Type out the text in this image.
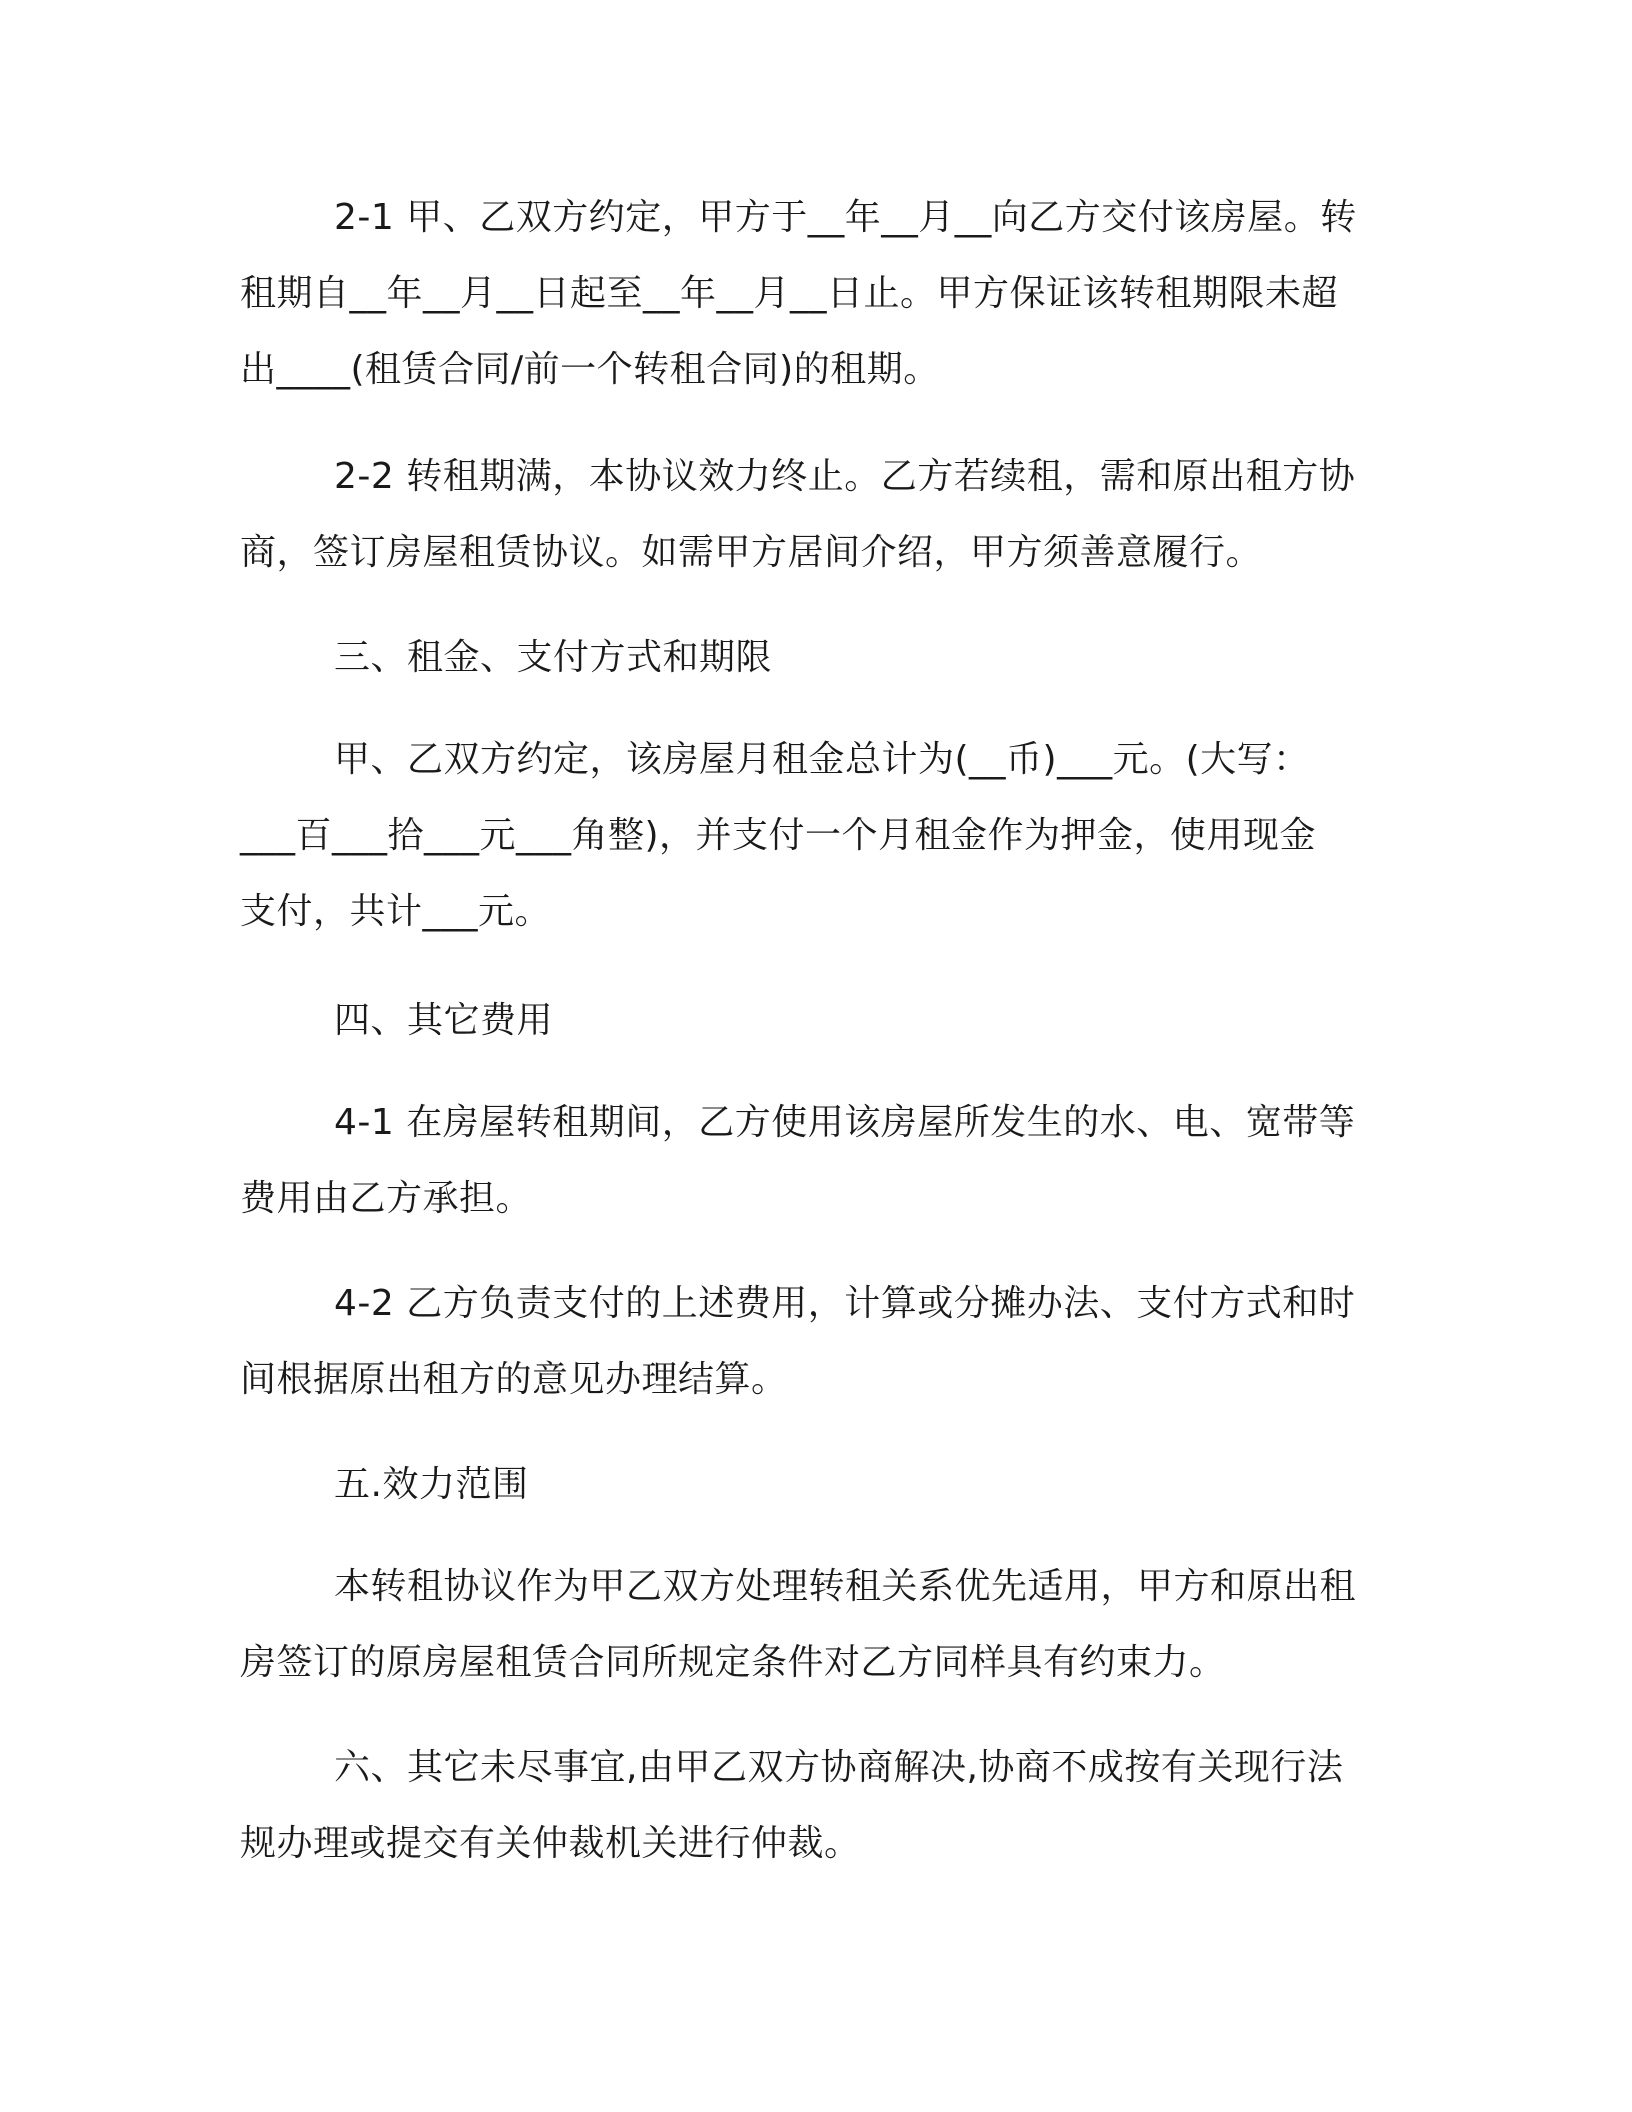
2-1 甲、乙双方约定，甲方于__年__月__向乙方交付该房屋。转
租期自__年__月__日起至__年__月__日止。甲方保证该转租期限未超
出____(租赁合同/前一个转租合同)的租期。

2-2 转租期满，本协议效力终止。乙方若续租，需和原出租方协
商，签订房屋租赁协议。如需甲方居间介绍，甲方须善意履行。

三、租金、支付方式和期限

甲、乙双方约定，该房屋月租金总计为(__币)___元。(大写：
___百___拾___元___角整)，并支付一个月租金作为押金，使用现金
支付，共计___元。

四、其它费用

4-1 在房屋转租期间，乙方使用该房屋所发生的水、电、宽带等
费用由乙方承担。

4-2 乙方负责支付的上述费用，计算或分摊办法、支付方式和时
间根据原出租方的意见办理结算。

五.效力范围

本转租协议作为甲乙双方处理转租关系优先适用，甲方和原出租
房签订的原房屋租赁合同所规定条件对乙方同样具有约束力。

六、其它未尽事宜,由甲乙双方协商解决,协商不成按有关现行法
规办理或提交有关仲裁机关进行仲裁。
